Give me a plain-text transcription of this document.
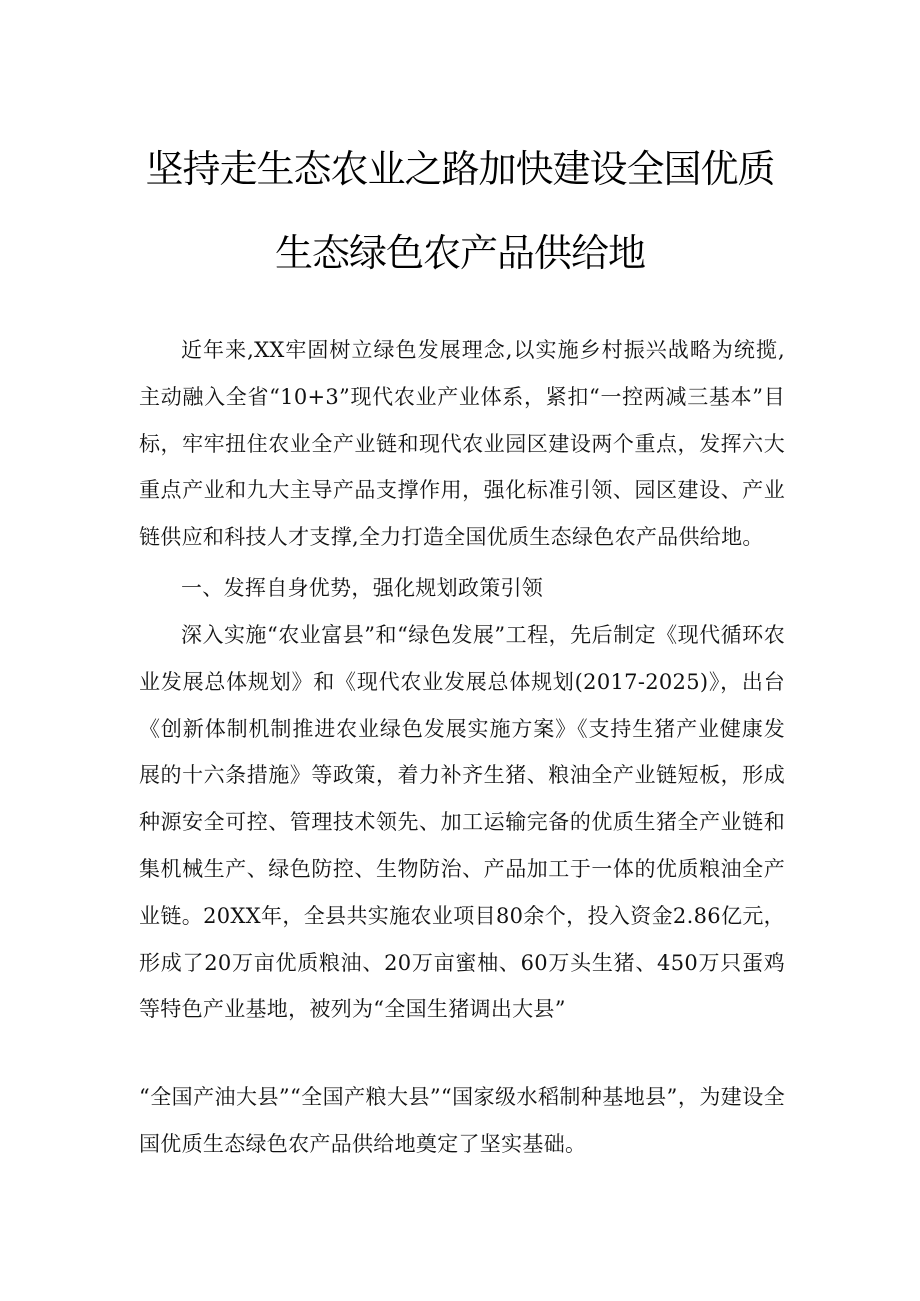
坚持走生态农业之路加快建设全国优质
生态绿色农产品供给地

近年来,XX牢固树立绿色发展理念,以实施乡村振兴战略为统揽,主动融入全省“10+3”现代农业产业体系，紧扣“一控两减三基本”目标，牢牢扭住农业全产业链和现代农业园区建设两个重点，发挥六大重点产业和九大主导产品支撑作用，强化标准引领、园区建设、产业链供应和科技人才支撑,全力打造全国优质生态绿色农产品供给地。

一、发挥自身优势，强化规划政策引领

深入实施“农业富县”和“绿色发展”工程，先后制定《现代循环农业发展总体规划》和《现代农业发展总体规划(2017-2025)》，出台《创新体制机制推进农业绿色发展实施方案》《支持生猪产业健康发展的十六条措施》等政策，着力补齐生猪、粮油全产业链短板，形成种源安全可控、管理技术领先、加工运输完备的优质生猪全产业链和集机械生产、绿色防控、生物防治、产品加工于一体的优质粮油全产业链。20XX年，全县共实施农业项目80余个，投入资金2.86亿元，形成了20万亩优质粮油、20万亩蜜柚、60万头生猪、450万只蛋鸡等特色产业基地，被列为“全国生猪调出大县”

“全国产油大县”“全国产粮大县”“国家级水稻制种基地县”，为建设全国优质生态绿色农产品供给地奠定了坚实基础。
